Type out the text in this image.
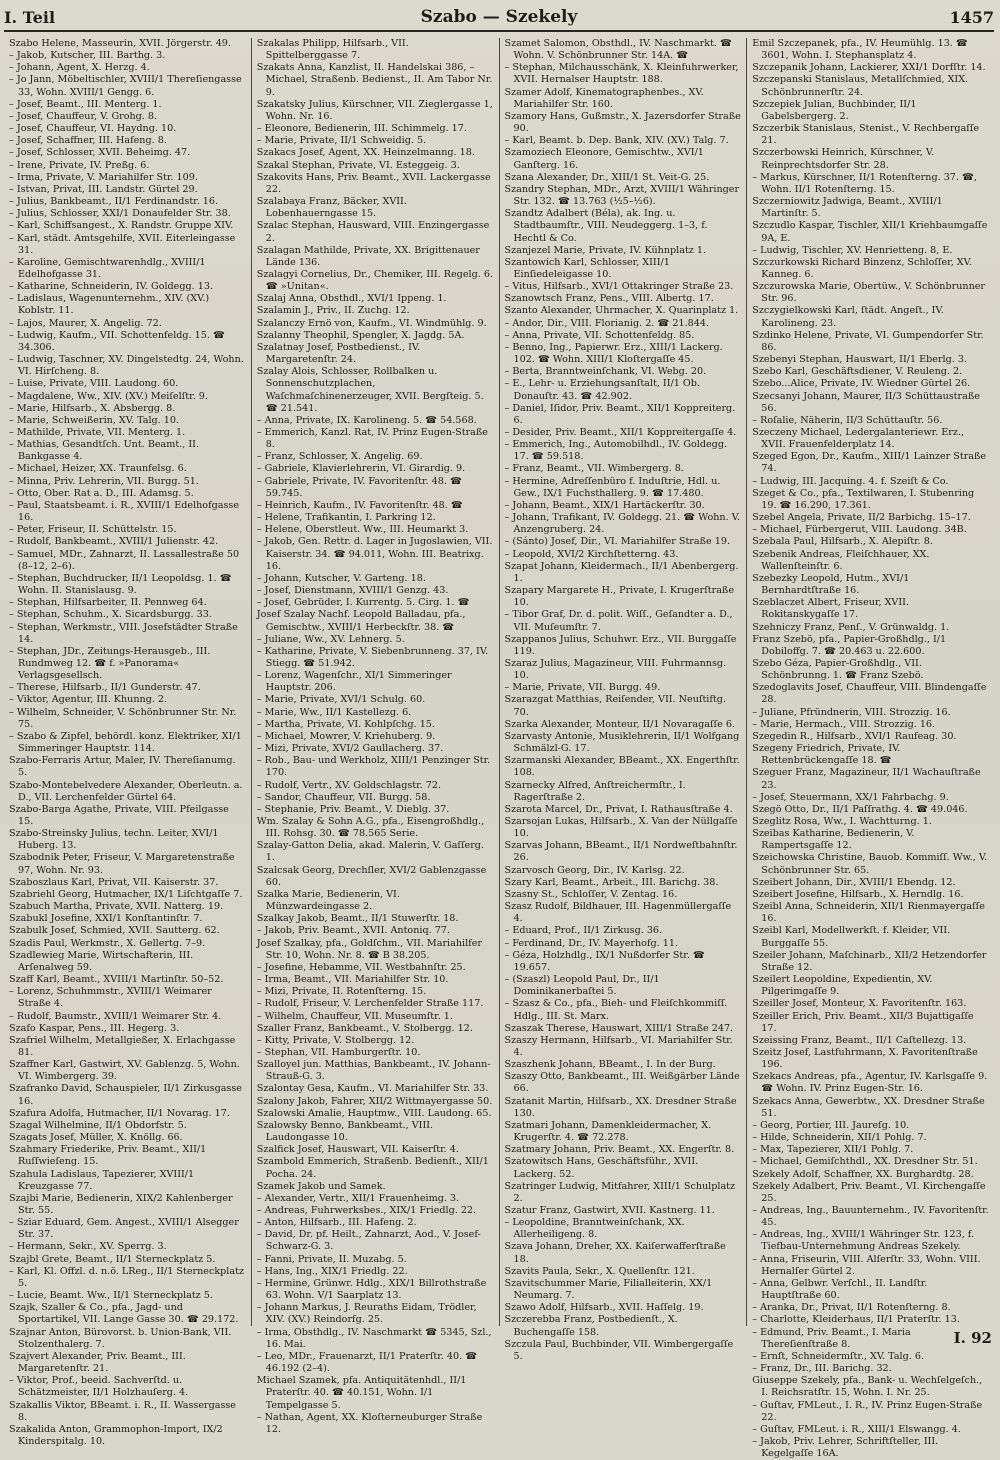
I. Teil	Szabo — Szekely	1457

Szabo Helene, Masseurin, XVII. Jörgerstr. 49.

– Jakob, Kutscher, III. Barthg. 3.

– Johann, Agent, X. Herzg. 4.

– Jo Jann, Möbeltischler, XVIII/1 Thereſiengasse 33, Wohn. XVIII/1 Gengg. 6.

– Josef, Beamt., III. Menterg. 1.

– Josef, Chauffeur, V. Grohg. 8.

– Josef, Chauffeur, VI. Haydng. 10.

– Josef, Schaffner, III. Hafeng. 8.

– Josef, Schlosser, XVII. Beheimg. 47.

– Irene, Private, IV. Preßg. 6.

– Irma, Private, V. Mariahilfer Str. 109.

– Istvan, Privat, III. Landstr. Gürtel 29.

– Julius, Bankbeamt., II/1 Ferdinandstr. 16.

– Julius, Schlosser, XXI/1 Donaufelder Str. 38.

– Karl, Schiffsangest., X. Randstr. Gruppe XIV.

– Karl, städt. Amtsgehilfe, XVII. Eiterleingasse 31.

– Karoline, Gemischtwarenhdlg., XVIII/1 Edelhofgasse 31.

– Katharine, Schneiderin, IV. Goldegg. 13.

– Ladislaus, Wagenunternehm., XIV. (XV.) Koblstr. 11.

– Lajos, Maurer, X. Angelig. 72.

– Ludwig, Kaufm., VII. Schottenfeldg. 15. ☎ 34.306.

– Ludwig, Taschner, XV. Dingelstedtg. 24, Wohn. VI. Hirſcheng. 8.

– Luise, Private, VIII. Laudong. 60.

– Magdalene, Ww., XIV. (XV.) Meiſelſtr. 9.

– Marie, Hilfsarb., X. Absbergg. 8.

– Marie, Schweißerin, XV. Talg. 10.

– Mathilde, Private, VII. Menterg. 1.

– Mathias, Gesandtſch. Unt. Beamt., II. Bankgasse 4.

– Michael, Heizer, XX. Traunfelsg. 6.

– Minna, Priv. Lehrerin, VII. Burgg. 51.

– Otto, Ober. Rat a. D., III. Adamsg. 5.

– Paul, Staatsbeamt. i. R., XVIII/1 Edelhofgasse 16.

– Peter, Friseur, II. Schüttelstr. 15.

– Rudolf, Bankbeamt., XVIII/1 Julienstr. 42.

– Samuel, MDr., Zahnarzt, II. Lassallestraße 50 (8–12, 2–6).

– Stephan, Buchdrucker, II/1 Leopoldsg. 1. ☎ Wohn. II. Stanislausg. 9.

– Stephan, Hilfsarbeiter, II. Pennweg 64.

– Stephan, Schuhm., X. Sicardsburgg. 33.

– Stephan, Werkmstr., VIII. Josefstädter Straße 14.

– Stephan, JDr., Zeitungs-Herausgeb., III. Rundmweg 12. ☎ f. »Panorama« Verlagsgesellsch.

– Therese, Hilfsarb., II/1 Gunderstr. 47.

– Viktor, Agentur, III. Khunng. 2.

– Wilhelm, Schneider, V. Schönbrunner Str. Nr. 75.

– Szabo & Zipfel, behördl. konz. Elektriker, XI/1 Simmeringer Hauptstr. 114.

Szabo-Ferraris Artur, Maler, IV. Thereſianumg. 5.

Szabo-Montebelvedere Alexander, Oberleutn. a. D., VII. Lerchenfelder Gürtel 64.

Szabo-Barga Agathe, Private, VIII. Pfeilgasse 15.

Szabo-Streinsky Julius, techn. Leiter, XVI/1 Huberg. 13.

Szabodnik Peter, Friseur, V. Margaretenstraße 97, Wohn. Nr. 93.

Szaboszlaus Karl, Privat, VII. Kaiserstr. 37.

Szabriehl Georg, Hutmacher, IX/1 Liſchtgaſſe 7.

Szabuch Martha, Private, XVII. Natterg. 19.

Szabukl Josefine, XXI/1 Konſtantinſtr. 7.

Szabulk Josef, Schmied, XVII. Sautterg. 62.

Szadis Paul, Werkmstr., X. Gellertg. 7–9.

Szadlewieg Marie, Wirtschafterin, III. Arſenalweg 59.

Szaff Karl, Beamt., XVIII/1 Martinſtr. 50–52.

– Lorenz, Schuhmmstr., XVIII/1 Weimarer Straße 4.

– Rudolf, Baumstr., XVIII/1 Weimarer Str. 4.

Szafo Kaspar, Pens., III. Hegerg. 3.

Szafriel Wilhelm, Metallgießer, X. Erlachgasse 81.

Szaffner Karl, Gastwirt, XV. Gablenzg. 5, Wohn. VI. Wimbergerg. 39.

Szafranko David, Schauspieler, II/1 Zirkusgasse 16.

Szafura Adolfa, Hutmacher, II/1 Novarag. 17.

Szagal Wilhelmine, II/1 Obdorfstr. 5.

Szagats Josef, Müller, X. Knöllg. 66.

Szahmary Friederike, Priv. Beamt., XII/1 Ruſſwieſeng. 15.

Szahula Ladislaus, Tapezierer, XVIII/1 Kreuzgasse 77.

Szajbi Marie, Bedienerin, XIX/2 Kahlenberger Str. 55.

– Sziar Eduard, Gem. Angest., XVIII/1 Alsegger Str. 37.

– Hermann, Sekr., XV. Sperrg. 3.

Szajbl Grete, Beamt., II/1 Sterneckplatz 5.

– Karl, Kl. Offzl. d. n.ö. LReg., II/1 Sterneckplatz 5.

– Lucie, Beamt. Ww., II/1 Sterneckplatz 5.

Szajk, Szaller & Co., pfa., Jagd- und Sportartikel, VII. Lange Gasse 30. ☎ 29.172.

Szajnar Anton, Bürovorst. b. Union-Bank, VII. Stolzenthalerg. 7.

Szajvert Alexander, Priv. Beamt., III. Margaretenſtr. 21.

– Viktor, Prof., beeid. Sachverſtd. u. Schätzmeister, II/1 Holzhauſerg. 4.

Szakallis Viktor, BBeamt. i. R., II. Wassergasse 8.

Szakalida Anton, Grammophon-Import, IX/2 Kinderspitalg. 10.

Szakalas Philipp, Hilfsarb., VII. Spittelberggasse 7.

Szakats Anna, Kanzlist, II. Handelskai 386, – Michael, Straßenb. Bedienst., II. Am Tabor Nr. 9.

Szakatsky Julius, Kürschner, VII. Zieglergasse 1, Wohn. Nr. 16.

– Eleonore, Bedienerin, III. Schimmelg. 17.

– Marie, Private, II/1 Schweidig. 5.

Szakacs Josef, Agent, XX. Heinzelmanng. 18.

Szakal Stephan, Private, VI. Esteggeig. 3.

Szakovits Hans, Priv. Beamt., XVII. Lackergasse 22.

Szalabaya Franz, Bäcker, XVII. Lobenhauerngasse 15.

Szalac Stephan, Hausward, VIII. Enzingergasse 2.

Szalagan Mathilde, Private, XX. Brigittenauer Lände 136.

Szalagyi Cornelius, Dr., Chemiker, III. Regelg. 6. ☎ »Unitan«.

Szalaj Anna, Obsthdl., XVI/1 Ippeng. 1.

Szalamin J., Priv., II. Zuchg. 12.

Szalanczy Ernö von, Kaufm., VI. Windmühlg. 9.

Szalanny Theophil, Spengler, X. Jagdg. 5A.

Szalatnay Josef, Postbedienst., IV. Margaretenſtr. 24.

Szalay Alois, Schlosser, Rollbalken u. Sonnenschutzplachen, Waſchmaſchinenerzeuger, XVII. Bergſteig. 5. ☎ 21.541.

– Anna, Private, IX. Karolineng. 5. ☎ 54.568.

– Emmerich, Kanzl. Rat, IV. Prinz Eugen-Straße 8.

– Franz, Schlosser, X. Angelig. 69.

– Gabriele, Klavierlehrerin, VI. Girardig. 9.

– Gabriele, Private, IV. Favoritenſtr. 48. ☎ 59.745.

– Heinrich, Kaufm., IV. Favoritenſtr. 48. ☎

– Helene, Trafikantin, I. Parkring 12.

– Helene, Oberstleut. Ww., III. Heumarkt 3.

– Jakob, Gen. Rettr. d. Lager in Jugoslawien, VII. Kaiserstr. 34. ☎ 94.011, Wohn. III. Beatrixg. 16.

– Johann, Kutscher, V. Garteng. 18.

– Josef, Dienstmann, XVIII/1 Genzg. 43.

– Josef, Gebrüder, I. Kurrentg. 5. Cirg. 1. ☎

Josef Szalay Nachf. Leopold Balladau, pfa., Gemischtw., XVIII/1 Herbeckſtr. 38. ☎

– Juliane, Ww., XV. Lehnerg. 5.

– Katharine, Private, V. Siebenbrunneng. 37, IV. Stiegg. ☎ 51.942.

– Lorenz, Wagenſchr., XI/1 Simmeringer Hauptstr. 206.

– Marie, Private, XVI/1 Schulg. 60.

– Marie, Ww., II/1 Kastellezg. 6.

– Martha, Private, VI. Kohlpſchg. 15.

– Michael, Mowrer, V. Kriehuberg. 9.

– Mizi, Private, XVI/2 Gaullacherg. 37.

– Rob., Bau- und Werkholz, XIII/1 Penzinger Str. 170.

– Rudolf, Vertr., XV. Goldschlagstr. 72.

– Sandor, Chauffeur, VII. Burgg. 58.

– Stephanie, Priv. Beamt., V. Dieblg. 37.

Wm. Szalay & Sohn A.G., pfa., Eisengroßhdlg., III. Rohsg. 30. ☎ 78.565 Serie.

Szalay-Gatton Delia, akad. Malerin, V. Gaſſerg. 1.

Szalcsak Georg, Drechſler, XVI/2 Gablenzgasse 60.

Szalka Marie, Bedienerin, VI. Münzwardeingasse 2.

Szalkay Jakob, Beamt., II/1 Stuwerſtr. 18.

– Jakob, Priv. Beamt., XVII. Antoniq. 77.

Josef Szalkay, pfa., Goldſchm., VII. Mariahilfer Str. 10, Wohn. Nr. 8. ☎ B 38.205.

– Josefine, Hebamme, VII. Westbahnſtr. 25.

– Irma, Beamt., VII. Mariahilfer Str. 10.

– Mizi, Private, II. Rotenſterng. 15.

– Rudolf, Friseur, V. Lerchenfelder Straße 117.

– Wilhelm, Chauffeur, VII. Museumſtr. 1.

Szaller Franz, Bankbeamt., V. Stolbergg. 12.

– Kitty, Private, V. Stolbergg. 12.

– Stephan, VII. Hamburgerſtr. 10.

Szalloyel jun. Matthias, Bankbeamt., IV. Johann-Strauß-G. 3.

Szalontay Gesa, Kaufm., VI. Mariahilfer Str. 33.

Szalony Jakob, Fahrer, XII/2 Wittmayergasse 50.

Szalowski Amalie, Hauptmw., VIII. Laudong. 65.

Szalowsky Benno, Bankbeamt., VIII. Laudongasse 10.

Szalfick Josef, Hauswart, VII. Kaiserſtr. 4.

Szambold Emmerich, Straßenb. Bedienſt., XII/1 Pocha. 24.

Szamek Jakob und Samek.

– Alexander, Vertr., XII/1 Frauenheimg. 3.

– Andreas, Fuhrwerksbes., XIX/1 Friedlg. 22.

– Anton, Hilfsarb., III. Hafeng. 2.

– David, Dr. pf. Heilt., Zahnarzt, Aod., V. Josef-Schwarz-G. 3.

– Fanni, Private, II. Muzabg. 5.

– Hans, Ing., XIX/1 Friedlg. 22.

– Hermine, Grünwr. Hdlg., XIX/1 Billrothstraße 63. Wohn. V/1 Saarplatz 13.

– Johann Markus, J. Reuraths Eidam, Trödler, XIV. (XV.) Reindorfg. 25.

– Irma, Obsthdlg., IV. Naschmarkt ☎ 5345, Szl., 16. Mai.

– Leo, MDr., Frauenarzt, II/1 Praterſtr. 40. ☎ 46.192 (2–4).

Michael Szamek, pfa. Antiquitätenhdl., II/1 Praterſtr. 40. ☎ 40.151, Wohn. I/1 Tempelgasse 5.

– Nathan, Agent, XX. Kloſterneuburger Straße 12.

Szamet Salomon, Obsthdl., IV. Naschmarkt. ☎ Wohn. V. Schönbrunner Str. 14A. ☎

– Stephan, Milchausschänk, X. Kleinfuhrwerker, XVII. Hernalser Hauptstr. 188.

Szamer Adolf, Kinematographenbes., XV. Mariahilfer Str. 160.

Szamory Hans, Gußmstr., X. Jazersdorfer Straße 90.

– Karl, Beamt. b. Dep. Bank, XIV. (XV.) Talg. 7.

Szamoziech Eleonore, Gemischtw., XVI/1 Ganſterg. 16.

Szana Alexander, Dr., XIII/1 St. Veit-G. 25.

Szandry Stephan, MDr., Arzt, XVIII/1 Währinger Str. 132. ☎ 13.763 (½5–½6).

Szandtz Adalbert (Béla), ak. Ing. u. Stadtbaumſtr., VIII. Neudeggerg. 1–3, f. Hechtl & Co.

Szanjezel Marie, Private, IV. Kühnplatz 1.

Szantowich Karl, Schlosser, XIII/1 Einſiedeleigasse 10.

– Vitus, Hilfsarb., XVI/1 Ottakringer Straße 23.

Szanowtsch Franz, Pens., VIII. Albertg. 17.

Szanto Alexander, Uhrmacher, X. Quarinplatz 1.

– Andor, Dir., VIII. Florianig. 2. ☎ 21.844.

– Anna, Private, VII. Schottenfeldg. 85.

– Benno, Ing., Papierwr. Erz., XIII/1 Lackerg. 102. ☎ Wohn. XIII/1 Kloſtergaſſe 45.

– Berta, Branntweinſchank, VI. Webg. 20.

– E., Lehr- u. Erziehungsanſtalt, II/1 Ob. Donauſtr. 43. ☎ 42.902.

– Daniel, Iſidor, Priv. Beamt., XII/1 Koppreiterg. 6.

– Desider, Priv. Beamt., XII/1 Koppreitergaſſe 4.

– Emmerich, Ing., Automobilhdl., IV. Goldegg. 17. ☎ 59.518.

– Franz, Beamt., VII. Wimbergerg. 8.

– Hermine, Adreſſenbüro f. Induſtrie, Hdl. u. Gew., IX/1 Fuchsthallerg. 9. ☎ 17.480.

– Johann, Beamt., XIX/1 Hartäckerſtr. 30.

– Johann, Trafikant, IV. Goldegg. 21. ☎ Wohn. V. Anzengruberg. 24.

– (Sánto) Josef, Dir., VI. Mariahilfer Straße 19.

– Leopold, XVI/2 Kirchſtetterng. 43.

Szapat Johann, Kleidermach., II/1 Abenbergerg. 1.

Szapary Margarete H., Private, I. Krugerſtraße 10.

– Tibor Graf, Dr. d. polit. Wiſſ., Geſandter a. D., VII. Muſeumſtr. 7.

Szappanos Julius, Schuhwr. Erz., VII. Burggaſſe 119.

Szaraz Julius, Magazineur, VIII. Fuhrmannsg. 10.

– Marie, Private, VII. Burgg. 49.

Szarazgat Matthias, Reiſender, VII. Neuſtiftg. 70.

Szarka Alexander, Monteur, II/1 Novaragaſſe 6.

Szarvasty Antonie, Musiklehrerin, II/1 Wolfgang Schmälzl-G. 17.

Szarmanski Alexander, BBeamt., XX. Engerthſtr. 108.

Szarnecky Alfred, Anſtreichermſtr., I. Ragerſtraße 2.

Szarota Marcel, Dr., Privat, I. Rathausſtraße 4.

Szarsojan Lukas, Hilfsarb., X. Van der Nüllgaſſe 10.

Szarvas Johann, BBeamt., II/1 Nordweſtbahnſtr. 26.

Szarvosch Georg, Dir., IV. Karlsg. 22.

Szary Karl, Beamt., Arbeit., III. Barichg. 38.

Szasny St., Schloſſer, V. Zentag. 16.

Szasz Rudolf, Bildhauer, III. Hagenmüllergaſſe 4.

– Eduard, Prof., II/1 Zirkusg. 36.

– Ferdinand, Dr., IV. Mayerhofg. 11.

– Géza, Holzhdlg., IX/1 Nußdorfer Str. ☎ 19.657.

– (Szaszl) Leopold Paul, Dr., II/1 Dominikanerbaſtei 5.

– Szasz & Co., pfa., Bieh- und Fleiſchkommiſſ. Hdlg., III. St. Marx.

Szaszak Therese, Hauswart, XIII/1 Straße 247.

Szaszy Hermann, Hilfsarb., VI. Mariahilfer Str. 4.

Szaszhenk Johann, BBeamt., I. In der Burg.

Szaszy Otto, Bankbeamt., III. Weißgärber Lände 66.

Szatanit Martin, Hilfsarb., XX. Dresdner Straße 130.

Szatmari Johann, Damenkleidermacher, X. Krugerſtr. 4. ☎ 72.278.

Szatmary Johann, Priv. Beamt., XX. Engerſtr. 8.

Szatowitsch Hans, Geschäftsführ., XVII. Lackerg. 52.

Szatringer Ludwig, Mitfahrer, XIII/1 Schulplatz 2.

Szatur Franz, Gastwirt, XVII. Kastnerg. 11.

– Leopoldine, Branntweinſchank, XX. Allerheiligeng. 8.

Szava Johann, Dreher, XX. Kaiſerwafferſtraße 18.

Szavits Paula, Sekr., X. Quellenſtr. 121.

Szavitschummer Marie, Filialleiterin, XX/1 Neumarg. 7.

Szawo Adolf, Hilfsarb., XVII. Haſſelg. 19.

Szczerebba Franz, Postbedienſt., X. Buchengaſſe 158.

Szczula Paul, Buchbinder, VII. Wimbergergaſſe 5.

Emil Szczepanek, pfa., IV. Heumühlg. 13. ☎ 3601, Wohn. I. Stephansplatz 4.

Szczepanik Johann, Lackierer, XXI/1 Dorfſtr. 14.

Szczepanski Stanislaus, Metallſchmied, XIX. Schönbrunnerſtr. 24.

Szczepiek Julian, Buchbinder, II/1 Gabelsbergerg. 2.

Szczerbik Stanislaus, Stenist., V. Rechbergaſſe 21.

Szczerbowski Heinrich, Kürschner, V. Reinprechtsdorfer Str. 28.

– Markus, Kürschner, II/1 Rotenſterng. 37. ☎, Wohn. II/1 Rotenſterng. 15.

Szczerniowitz Jadwiga, Beamt., XVIII/1 Martinſtr. 5.

Szczudlo Kaspar, Tischler, XII/1 Kriehbaumgaſſe 9A, E.

– Ludwig, Tischler, XV. Henrietteng. 8, E.

Szczurkowski Richard Binzenz, Schloſſer, XV. Kanneg. 6.

Szczurowska Marie, Obertüw., V. Schönbrunner Str. 96.

Szczygielkowski Karl, ſtädt. Angeſt., IV. Karolineng. 23.

Szdinko Helene, Private, VI. Gumpendorfer Str. 86.

Szebenyi Stephan, Hauswart, II/1 Eberlg. 3.

Szebo Karl, Geschäftsdiener, V. Reuleng. 2.

Szebo...Alice, Private, IV. Wiedner Gürtel 26.

Szecsanyi Johann, Maurer, II/3 Schüttaustraße 56.

– Roſalie, Näherin, II/3 Schüttauſtr. 56.

Szeczeny Michael, Ledergalanteriewr. Erz., XVII. Frauenfelderplatz 14.

Szeged Egon, Dr., Kaufm., XIII/1 Lainzer Straße 74.

– Ludwig, III. Jacquing. 4. f. Szeiſt & Co.

Szeget & Co., pfa., Textilwaren, I. Stubenring 19. ☎ 16.290, 17.361.

Szebel Angela, Private, II/2 Barbichg. 15–17.

– Michael, Fürbergerut, VIII. Laudong. 34B.

Szebala Paul, Hilfsarb., X. Alepiſtr. 8.

Szebenik Andreas, Fleiſchhauer, XX. Wallenſteinſtr. 6.

Szebezky Leopold, Hutm., XVI/1 Bernhardtſtraße 16.

Szeblaczet Albert, Friseur, XVII. Rokitanskygaſſe 17.

Szehniczy Franz, Penſ., V. Grünwaldg. 1.

Franz Szebö, pfa., Papier-Großhdlg., I/1 Dobiloffg. 7. ☎ 20.463 u. 22.600.

Szebo Géza, Papier-Großhdlg., VII. Schönbrunng. 1. ☎ Franz Szebö.

Szedoglavits Josef, Chauffeur, VIII. Blindengaſſe 28.

– Juliane, Pfründnerin, VIII. Strozzig. 16.

– Marie, Hermach., VIII. Strozzig. 16.

Szegedin R., Hilfsarb., XVI/1 Raufeag. 30.

Szegeny Friedrich, Private, IV. Rettenbrückengaſſe 18. ☎

Szeguer Franz, Magazineur, II/1 Wachauſtraße 23.

– Josef, Steuermann, XX/1 Fahrbachg. 9.

Szegö Otto, Dr., II/1 Paſſrathg. 4. ☎ 49.046.

Szeglitz Rosa, Ww., I. Wachtturng. 1.

Szeibas Katharine, Bedienerin, V. Rampertsgaſſe 12.

Szeichowska Christine, Bauob. Kommiſſ. Ww., V. Schönbrunner Str. 65.

Szeibert Johann, Dir., XVIII/1 Ebendg. 12.

Szeibert Josefine, Hilfsarb., X. Herndlg. 16.

Szeibl Anna, Schneiderin, XII/1 Rienmayergaſſe 16.

Szeibl Karl, Modellwerkſt. f. Kleider, VII. Burggaſſe 55.

Szeiler Johann, Maſchinarb., XII/2 Hetzendorfer Straße 12.

Szeilert Leopoldine, Expedientin, XV. Pilgerimgaſſe 9.

Szeiller Josef, Monteur, X. Favoritenſtr. 163.

Szeiller Erich, Priv. Beamt., XII/3 Bujattigaſſe 17.

Szeissing Franz, Beamt., II/1 Caſtellezg. 13.

Szeitz Josef, Lastfuhrmann, X. Favoritenſtraße 196.

Szekacs Andreas, pfa., Agentur, IV. Karlsgaſſe 9. ☎ Wohn. IV. Prinz Eugen-Str. 16.

Szekacs Anna, Gewerbtw., XX. Dresdner Straße 51.

– Georg, Portier, III. Jaureſg. 10.

– Hilde, Schneiderin, XII/1 Pohlg. 7.

– Max, Tapezierer, XII/1 Pohlg. 7.

– Michael, Gemiſchthdl., XX. Dresdner Str. 51.

Szekely Adolf, Schaffner, XX. Burghardtg. 28.

Szekely Adalbert, Priv. Beamt., VI. Kirchengaſſe 25.

– Andreas, Ing., Bauunternehm., IV. Favoritenſtr. 45.

– Andreas, Ing., XVIII/1 Währinger Str. 123, f. Tiefbau-Unternehmung Andreas Szekely.

– Anna, Friseurin, VIII. Alſerſtr. 33, Wohn. VIII. Hernalſer Gürtel 2.

– Anna, Gelbwr. Verſchl., II. Landſtr. Hauptſtraße 60.

– Aranka, Dr., Privat, II/1 Rotenſterng. 8.

– Charlotte, Kleiderhaus, II/1 Praterſtr. 13.

– Edmund, Priv. Beamt., I. Maria Thereſienſtraße 8.

– Ernſt, Schneidermſtr., XV. Talg. 6.

– Franz, Dr., III. Barichg. 32.

Giuseppe Szekely, pfa., Bank- u. Wechſelgeſch., I. Reichsratſtr. 15, Wohn. I. Nr. 25.

– Guſtav, FMLeut., I. R., IV. Prinz Eugen-Straße 22.

– Guſtav, FMLeut. i. R., XIII/1 Elswangg. 4.

– Jakob, Priv. Lehrer, Schriftſteller, III. Kegelgaſſe 16A.

I. 92
